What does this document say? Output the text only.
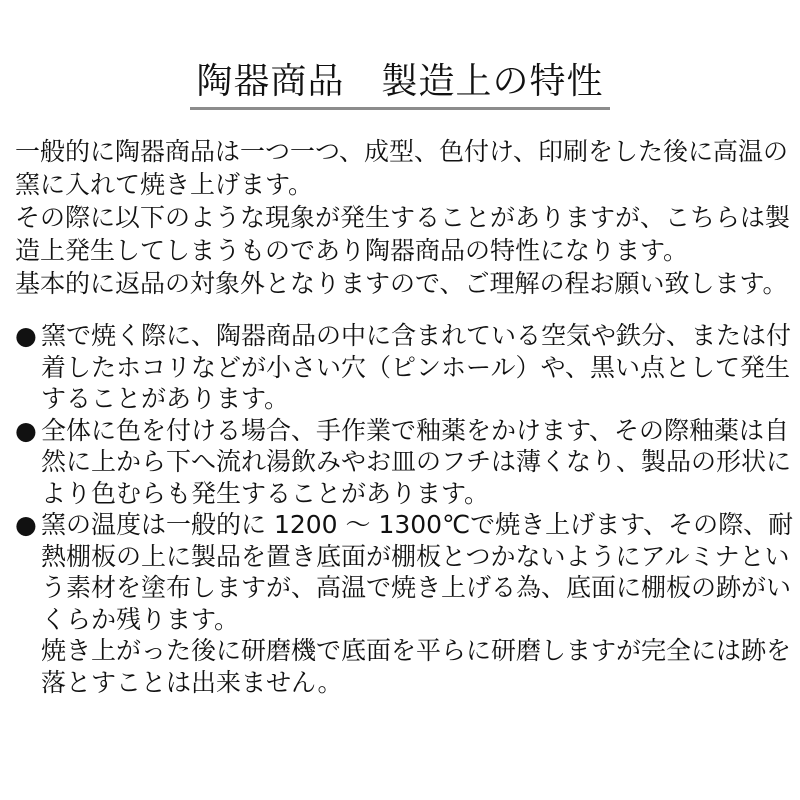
陶器商品　製造上の特性
一般的に陶器商品は一つ一つ、成型、色付け、印刷をした後に高温の
窯に入れて焼き上げます。
その際に以下のような現象が発生することがありますが、こちらは製
造上発生してしまうものであり陶器商品の特性になります。
基本的に返品の対象外となりますので、ご理解の程お願い致します。
● 窯で焼く際に、陶器商品の中に含まれている空気や鉄分、または付
着したホコリなどが小さい穴（ピンホール）や、黒い点として発生
することがあります。
● 全体に色を付ける場合、手作業で釉薬をかけます、その際釉薬は自
然に上から下へ流れ湯飲みやお皿のフチは薄くなり、製品の形状に
より色むらも発生することがあります。
● 窯の温度は一般的に 1200 ～ 1300℃で焼き上げます、その際、耐
熱棚板の上に製品を置き底面が棚板とつかないようにアルミナとい
う素材を塗布しますが、高温で焼き上げる為、底面に棚板の跡がい
くらか残ります。
焼き上がった後に研磨機で底面を平らに研磨しますが完全には跡を
落とすことは出来ません。
